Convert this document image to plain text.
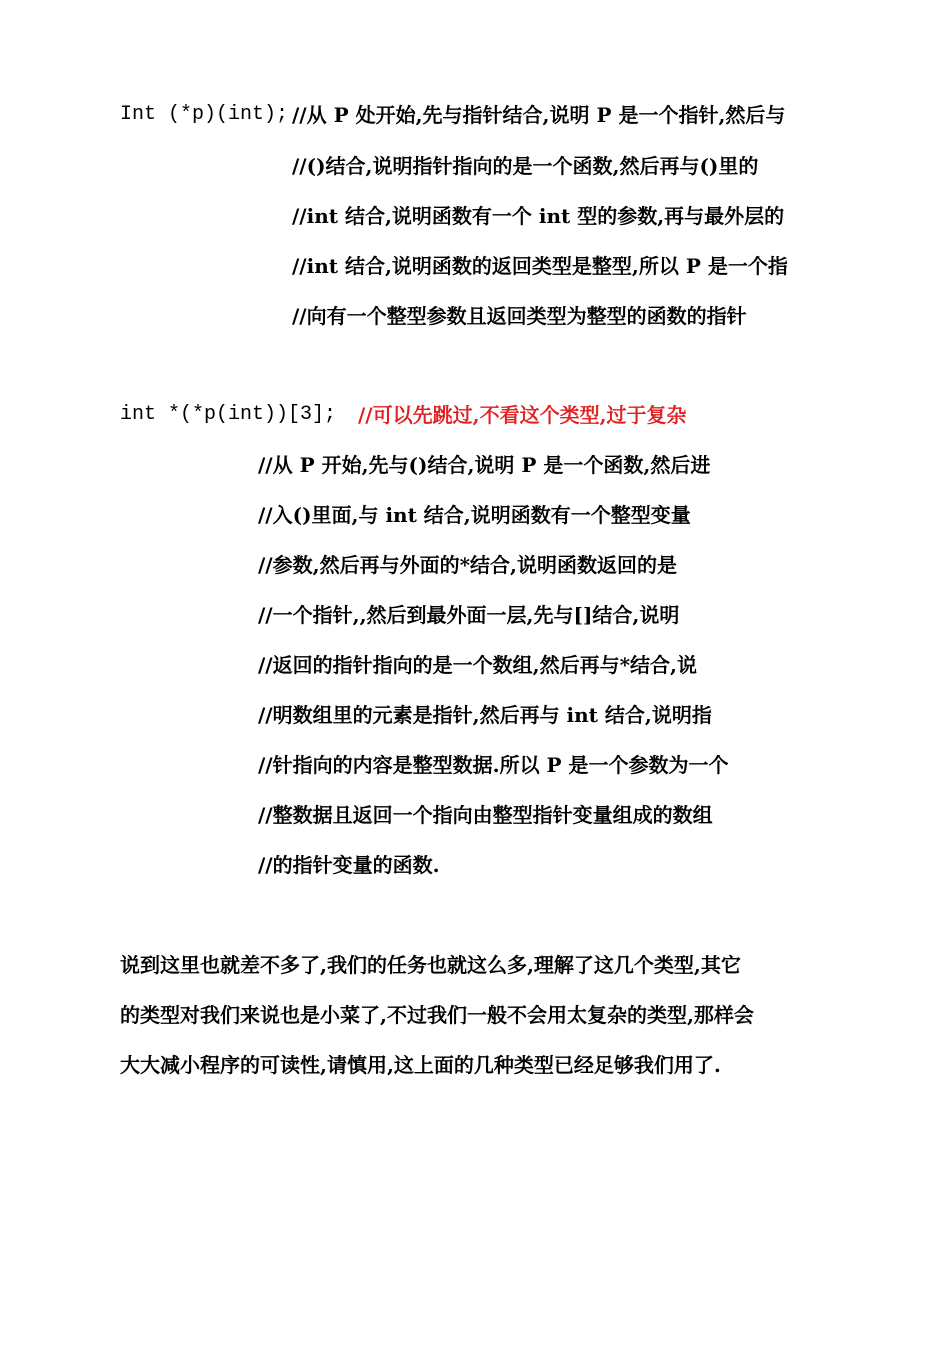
Int (*p)(int); //从 P 处开始,先与指针结合,说明 P 是一个指针,然后与
//()结合,说明指针指向的是一个函数,然后再与()里的
//int 结合,说明函数有一个 int 型的参数,再与最外层的
//int 结合,说明函数的返回类型是整型,所以 P 是一个指
//向有一个整型参数且返回类型为整型的函数的指针
int *(*p(int))[3]; //可以先跳过,不看这个类型,过于复杂
//从 P 开始,先与()结合,说明 P 是一个函数,然后进
//入()里面,与 int 结合,说明函数有一个整型变量
//参数,然后再与外面的*结合,说明函数返回的是
//一个指针,,然后到最外面一层,先与[]结合,说明
//返回的指针指向的是一个数组,然后再与*结合,说
//明数组里的元素是指针,然后再与 int 结合,说明指
//针指向的内容是整型数据.所以 P 是一个参数为一个
//整数据且返回一个指向由整型指针变量组成的数组
//的指针变量的函数.
说到这里也就差不多了,我们的任务也就这么多,理解了这几个类型,其它
的类型对我们来说也是小菜了,不过我们一般不会用太复杂的类型,那样会
大大减小程序的可读性,请慎用,这上面的几种类型已经足够我们用了.
